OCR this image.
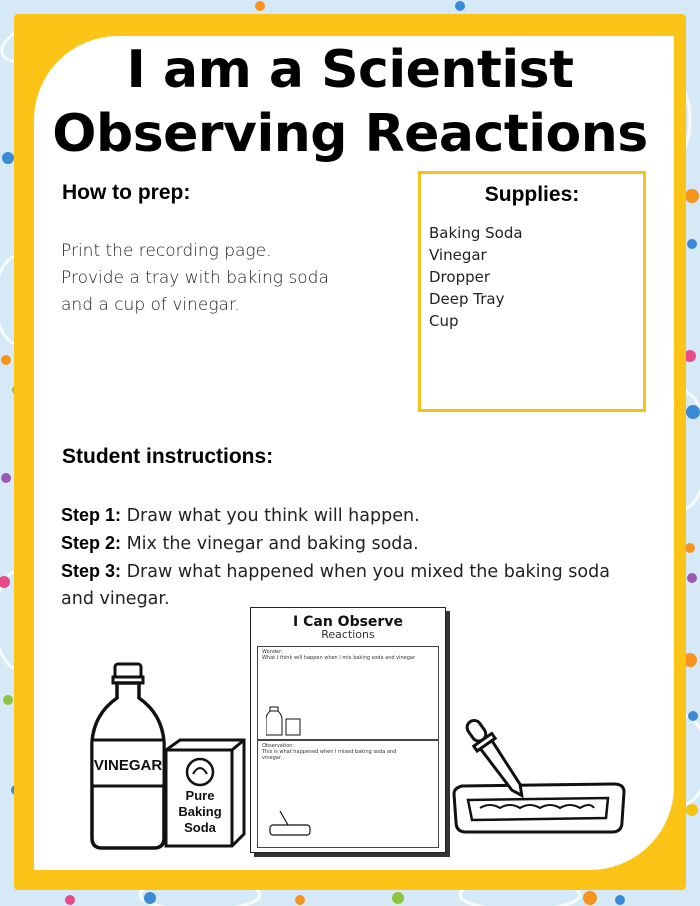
I am a Scientist
Observing Reactions
How to prep:
Print the recording page.
Provide a tray with baking soda
and a cup of vinegar.
Supplies:
Baking Soda
Vinegar
Dropper
Deep Tray
Cup
Student instructions:
Step 1: Draw what you think will happen.
Step 2: Mix the vinegar and baking soda.
Step 3: Draw what happened when you mixed the baking soda and vinegar.
VINEGAR
Pure
Baking
Soda
I Can Observe
Reactions
Wonder:
What I think will happen when I mix baking soda and vinegar
Observation:
This is what happened when I mixed baking soda and
vinegar.
